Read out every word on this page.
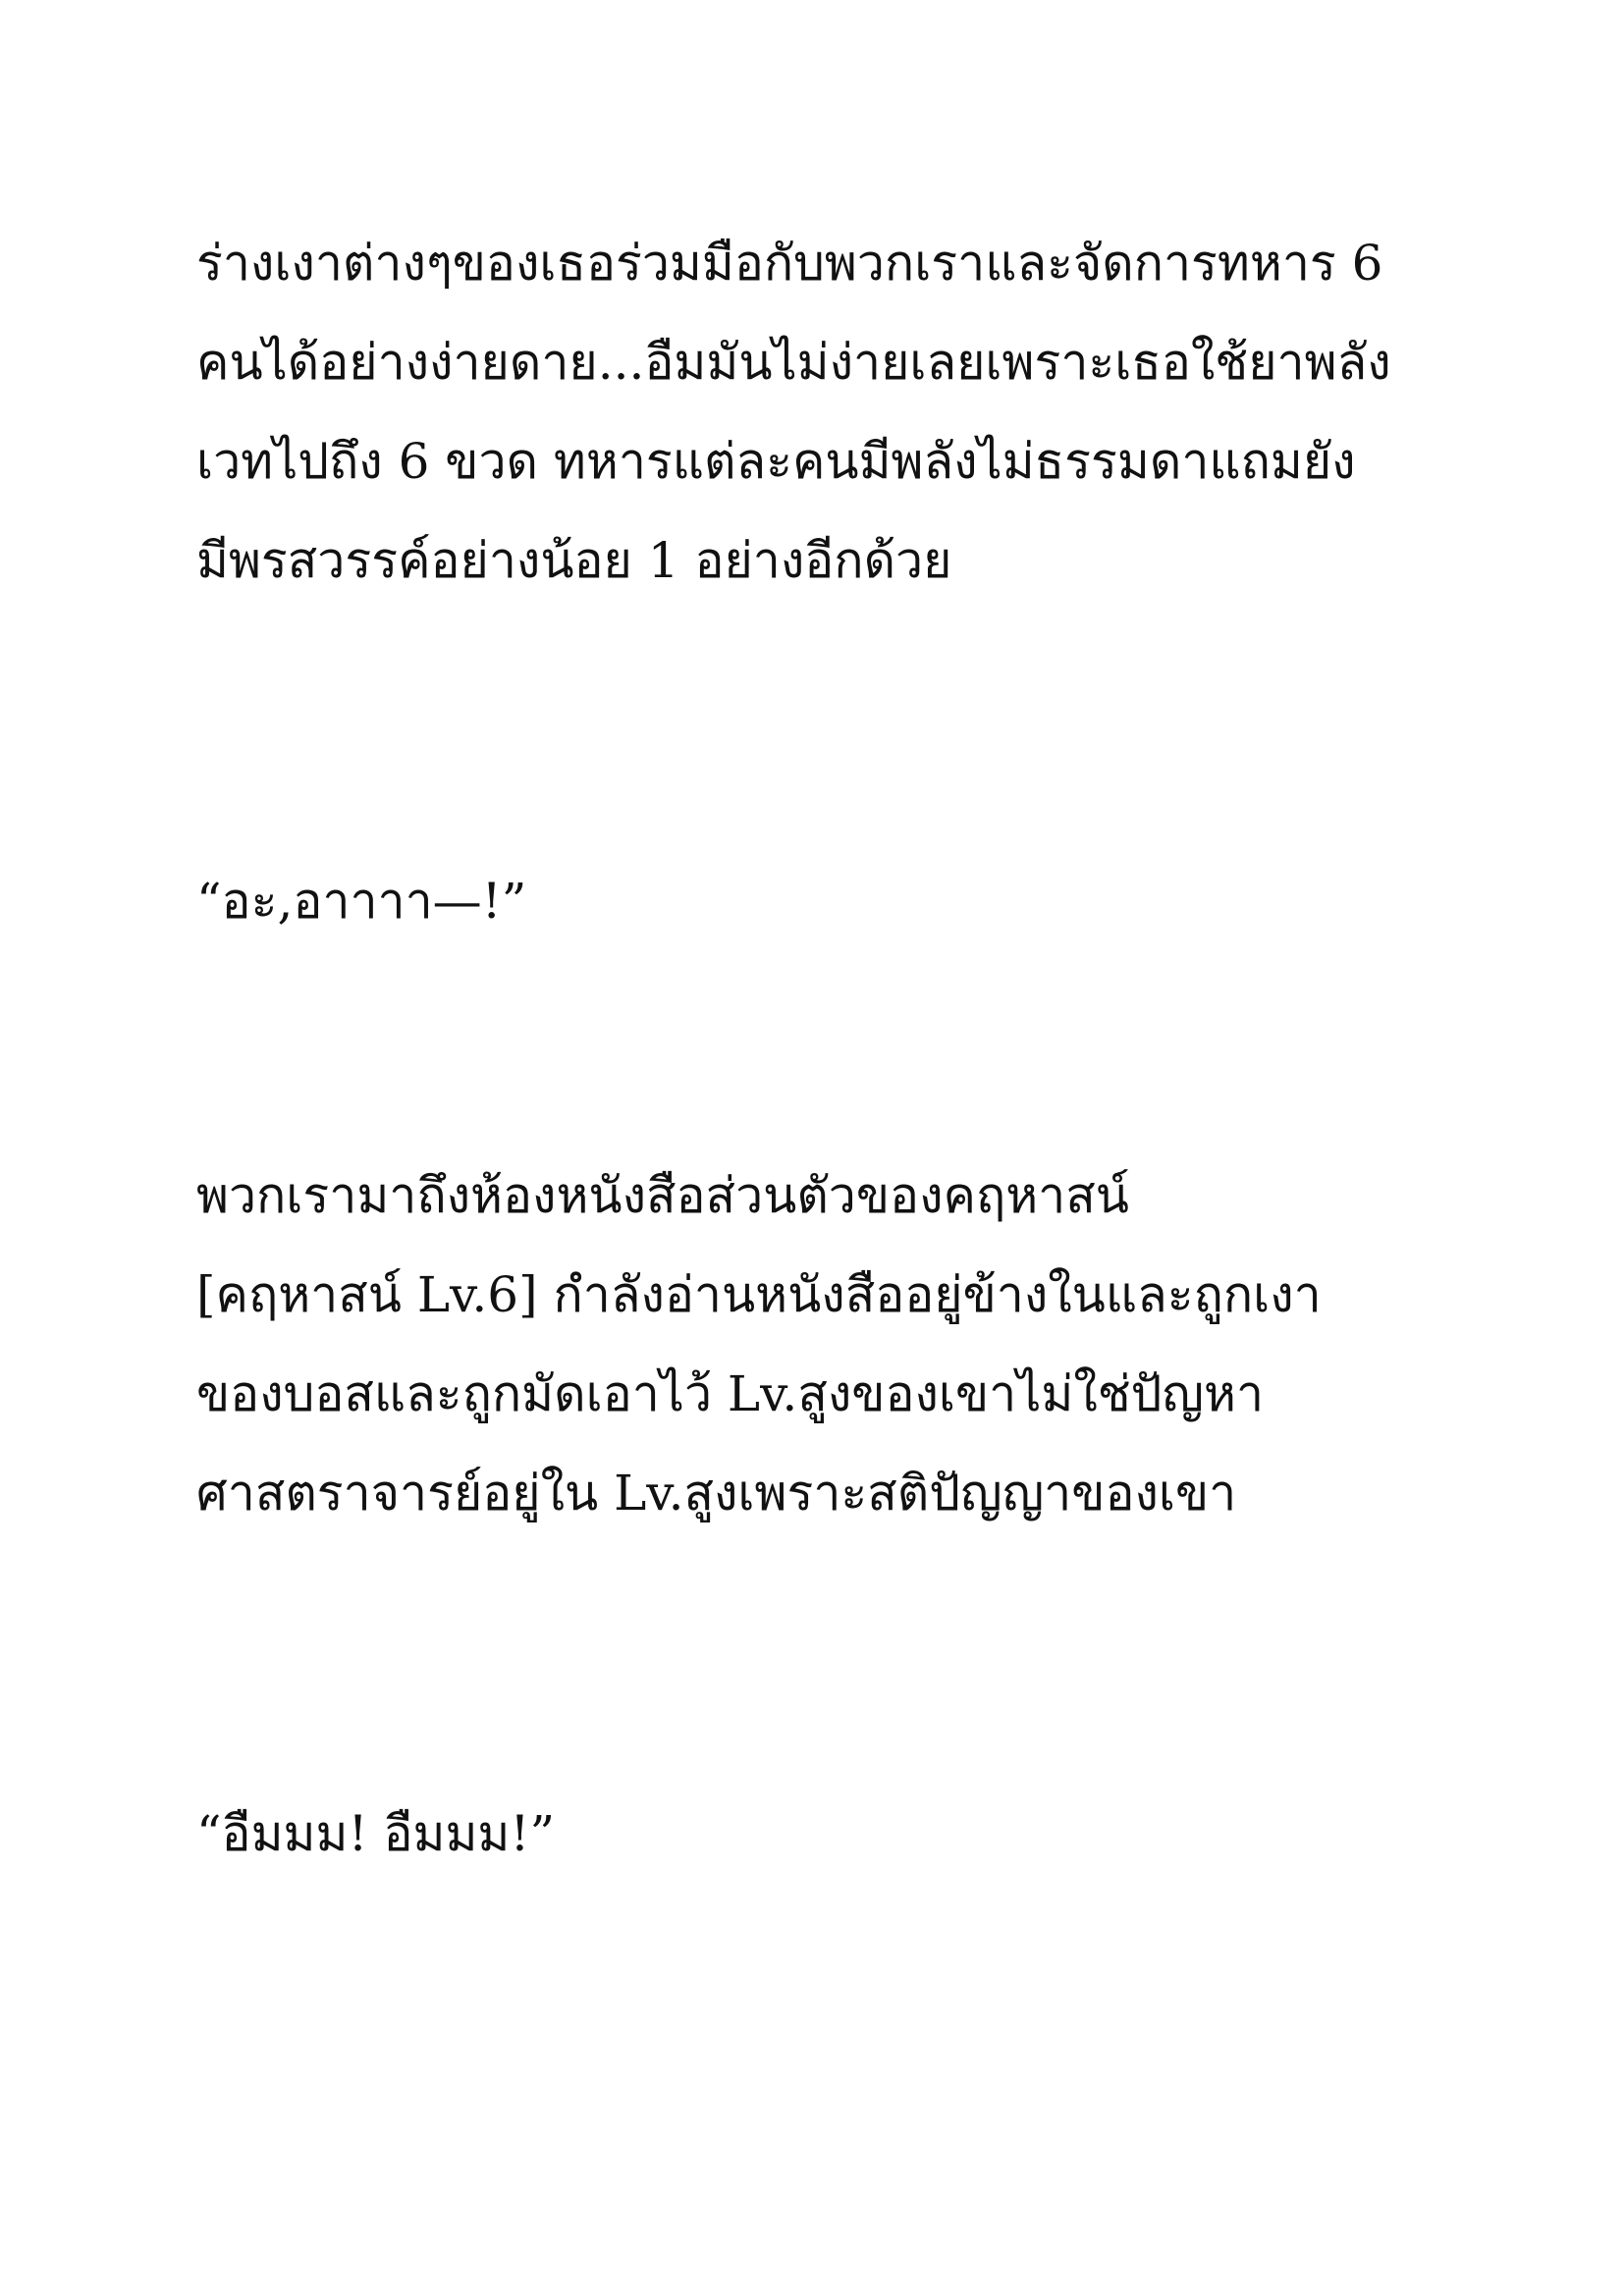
ร่างเงาต่างๆของเธอร่วมมือกับพวกเราและจัดการทหาร 6
คนได้อย่างง่ายดาย...อืมมันไม่ง่ายเลยเพราะเธอใช้ยาพลัง
เวทไปถึง 6 ขวด ทหารแต่ละคนมีพลังไม่ธรรมดาแถมยัง
มีพรสวรรค์อย่างน้อย 1 อย่างอีกด้วย
“อะ,อาาาา—!”
พวกเรามาถึงห้องหนังสือส่วนตัวของคฤหาสน์
[คฤหาสน์ Lv.6] กำลังอ่านหนังสืออยู่ข้างในและถูกเงา
ของบอสและถูกมัดเอาไว้ Lv.สูงของเขาไม่ใช่ปัญหา
ศาสตราจารย์อยู่ใน Lv.สูงเพราะสติปัญญาของเขา
“อืมมม! อืมมม!”
